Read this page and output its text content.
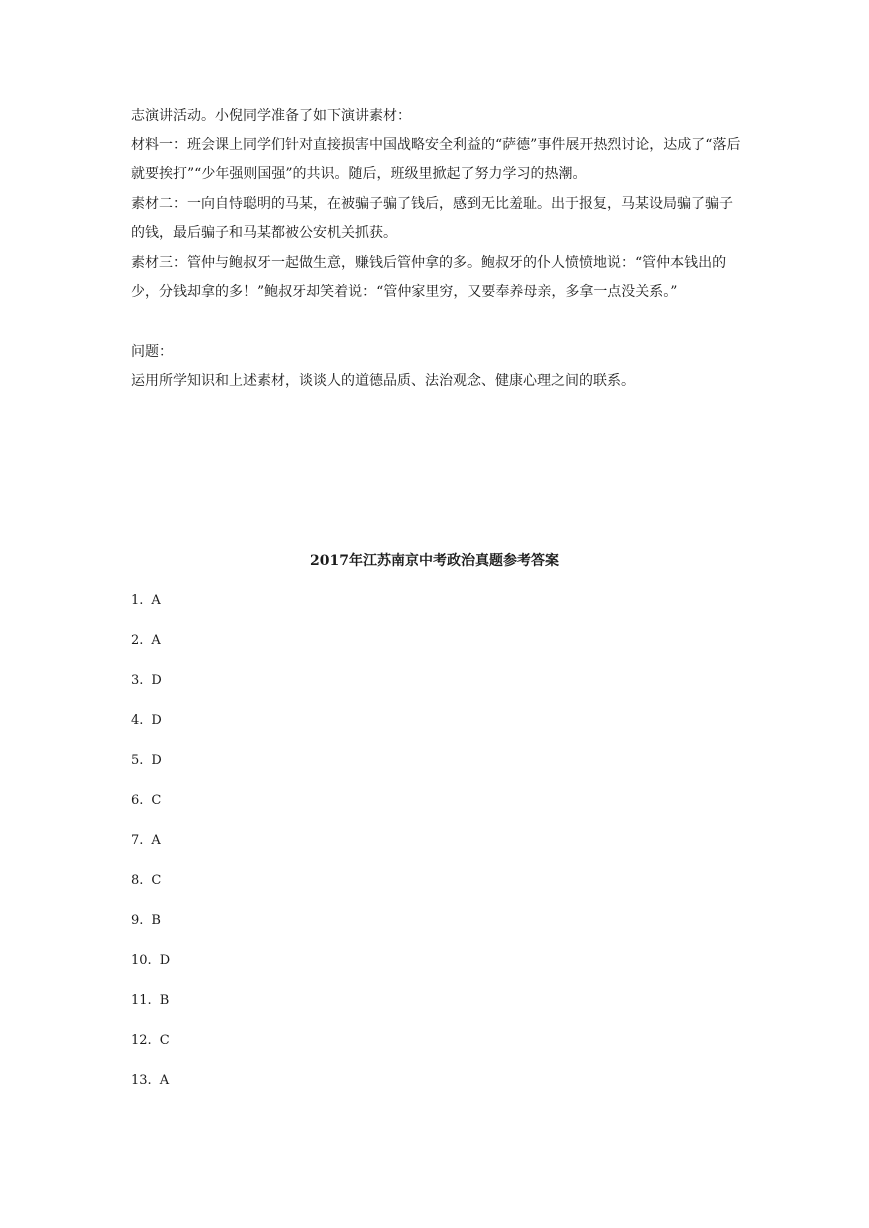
志演讲活动。小倪同学准备了如下演讲素材：

材料一：班会课上同学们针对直接损害中国战略安全利益的“萨德”事件展开热烈讨论，达成了“落后就要挨打”“少年强则国强”的共识。随后，班级里掀起了努力学习的热潮。

素材二：一向自恃聪明的马某，在被骗子骗了钱后，感到无比羞耻。出于报复，马某设局骗了骗子的钱，最后骗子和马某都被公安机关抓获。

素材三：管仲与鲍叔牙一起做生意，赚钱后管仲拿的多。鲍叔牙的仆人愤愤地说：“管仲本钱出的少，分钱却拿的多！”鲍叔牙却笑着说：“管仲家里穷，又要奉养母亲，多拿一点没关系。”

问题：

运用所学知识和上述素材，谈谈人的道德品质、法治观念、健康心理之间的联系。

2017年江苏南京中考政治真题参考答案
1. A
2. A
3. D
4. D
5. D
6. C
7. A
8. C
9. B
10. D
11. B
12. C
13. A
